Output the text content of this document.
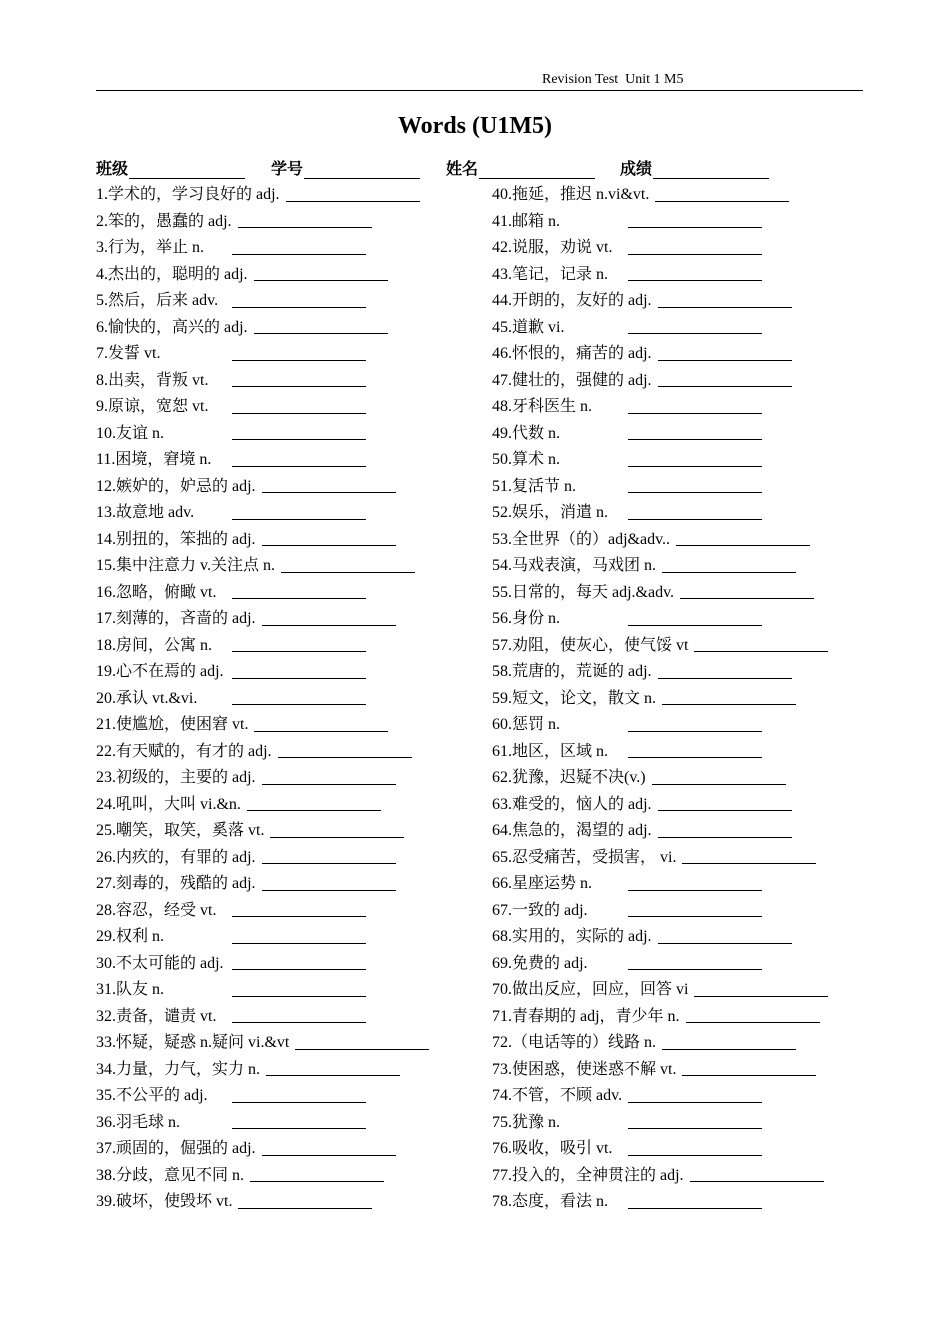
Revision Test  Unit 1 M5
Words (U1M5)
班级	学号	姓名	成绩
1.学术的，学习良好的 adj.
2.笨的，愚蠢的 adj.
3.行为，举止 n.
4.杰出的，聪明的 adj.
5.然后，后来 adv.
6.愉快的，高兴的 adj.
7.发誓 vt.
8.出卖，背叛 vt.
9.原谅，宽恕 vt.
10.友谊 n.
11.困境，窘境 n.
12.嫉妒的，妒忌的 adj.
13.故意地 adv.
14.别扭的，笨拙的 adj.
15.集中注意力 v.关注点 n.
16.忽略，俯瞰 vt.
17.刻薄的，吝啬的 adj.
18.房间，公寓 n.
19.心不在焉的 adj.
20.承认 vt.&vi.
21.使尴尬，使困窘 vt.
22.有天赋的，有才的 adj.
23.初级的，主要的 adj.
24.吼叫，大叫 vi.&n.
25.嘲笑，取笑，奚落 vt.
26.内疚的，有罪的 adj.
27.刻毒的，残酷的 adj.
28.容忍，经受 vt.
29.权利 n.
30.不太可能的 adj.
31.队友 n.
32.责备，谴责 vt.
33.怀疑，疑惑 n.疑问 vi.&vt
34.力量，力气，实力 n.
35.不公平的 adj.
36.羽毛球 n.
37.顽固的，倔强的 adj.
38.分歧，意见不同 n.
39.破坏，使毁坏 vt.
40.拖延，推迟 n.vi&vt.
41.邮箱 n.
42.说服，劝说 vt.
43.笔记，记录 n.
44.开朗的，友好的 adj.
45.道歉 vi.
46.怀恨的，痛苦的 adj.
47.健壮的，强健的 adj.
48.牙科医生 n.
49.代数 n.
50.算术 n.
51.复活节 n.
52.娱乐，消遣 n.
53.全世界（的）adj&adv..
54.马戏表演，马戏团 n.
55.日常的，每天 adj.&adv.
56.身份 n.
57.劝阻，使灰心，使气馁 vt
58.荒唐的，荒诞的 adj.
59.短文，论文，散文 n.
60.惩罚 n.
61.地区，区域 n.
62.犹豫，迟疑不决(v.)
63.难受的，恼人的 adj.
64.焦急的，渴望的 adj.
65.忍受痛苦，受损害， vi.
66.星座运势 n.
67.一致的 adj.
68.实用的，实际的 adj.
69.免费的 adj.
70.做出反应，回应，回答 vi
71.青春期的 adj，青少年 n.
72.（电话等的）线路 n.
73.使困惑，使迷惑不解 vt.
74.不管，不顾 adv.
75.犹豫 n.
76.吸收，吸引 vt.
77.投入的，全神贯注的 adj.
78.态度，看法 n.
